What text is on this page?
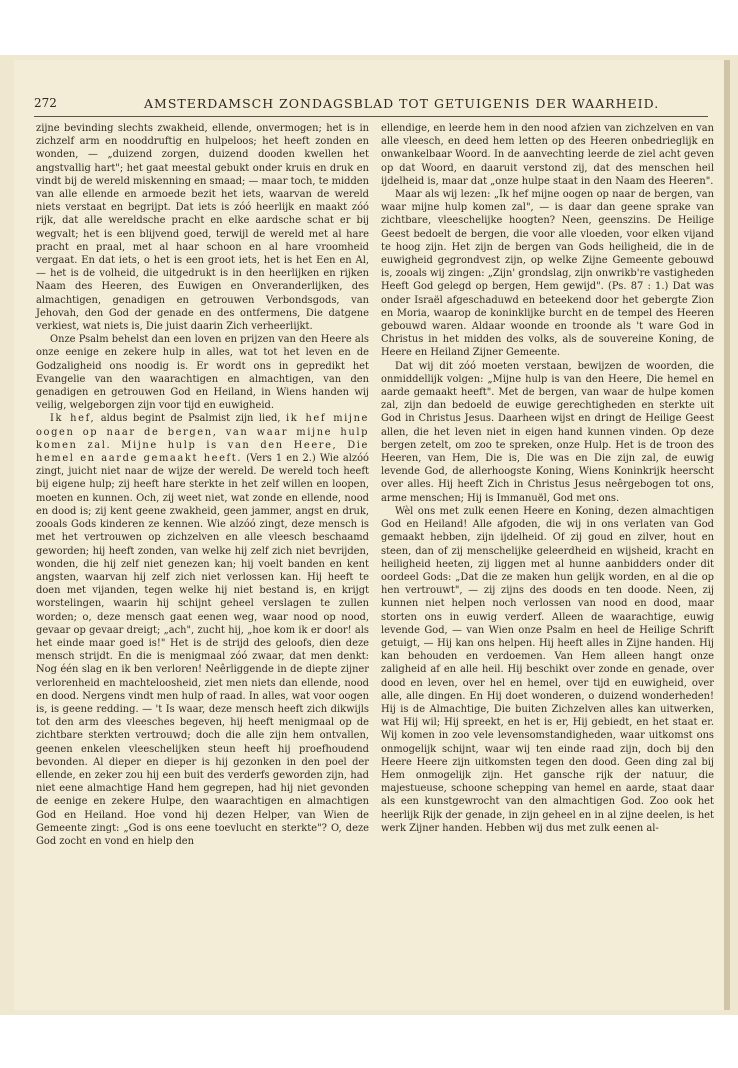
272	AMSTERDAMSCH ZONDAGSBLAD TOT GETUIGENIS DER WAARHEID.

zijne bevinding slechts zwakheid, ellende, onvermogen; het is in zichzelf arm en nooddruftig en hulpeloos; het heeft zonden en wonden, — „duizend zorgen, duizend dooden kwellen het angstvallig hart"; het gaat meestal gebukt onder kruis en druk en vindt bij de wereld miskenning en smaad; — maar toch, te midden van alle ellende en armoede bezit het iets, waarvan de wereld niets verstaat en begrijpt. Dat iets is zóó heerlijk en maakt zóó rijk, dat alle wereldsche pracht en elke aardsche schat er bij wegvalt; het is een blijvend goed, terwijl de wereld met al hare pracht en praal, met al haar schoon en al hare vroomheid vergaat. En dat iets, o het is een groot iets, het is het Een en Al, — het is de volheid, die uitgedrukt is in den heerlijken en rijken Naam des Heeren, des Euwigen en Onveranderlijken, des almachtigen, genadigen en getrouwen Verbondsgods, van Jehovah, den God der genade en des ontfermens, Die datgene verkiest, wat niets is, Die juist daarin Zich verheerlijkt.

Onze Psalm behelst dan een loven en prijzen van den Heere als onze eenige en zekere hulp in alles, wat tot het leven en de Godzaligheid ons noodig is. Er wordt ons in gepredikt het Evangelie van den waarachtigen en almachtigen, van den genadigen en getrouwen God en Heiland, in Wiens handen wij veilig, welgeborgen zijn voor tijd en euwigheid.

Ik hef, aldus begint de Psalmist zijn lied, ik hef mijne oogen op naar de bergen, van waar mijne hulp komen zal. Mijne hulp is van den Heere, Die hemel en aarde gemaakt heeft. (Vers 1 en 2.) Wie alzóó zingt, juicht niet naar de wijze der wereld. De wereld toch heeft bij eigene hulp; zij heeft hare sterkte in het zelf willen en loopen, moeten en kunnen. Och, zij weet niet, wat zonde en ellende, nood en dood is; zij kent geene zwakheid, geen jammer, angst en druk, zooals Gods kinderen ze kennen. Wie alzóó zingt, deze mensch is met het vertrouwen op zichzelven en alle vleesch beschaamd geworden; hij heeft zonden, van welke hij zelf zich niet bevrijden, wonden, die hij zelf niet genezen kan; hij voelt banden en kent angsten, waarvan hij zelf zich niet verlossen kan. Hij heeft te doen met vijanden, tegen welke hij niet bestand is, en krijgt worstelingen, waarin hij schijnt geheel verslagen te zullen worden; o, deze mensch gaat eenen weg, waar nood op nood, gevaar op gevaar dreigt; „ach", zucht hij, „hoe kom ik er door! als het einde maar goed is!" Het is de strijd des geloofs, dien deze mensch strijdt. En die is menigmaal zóó zwaar, dat men denkt: Nog één slag en ik ben verloren! Neêrliggende in de diepte zijner verlorenheid en machteloosheid, ziet men niets dan ellende, nood en dood. Nergens vindt men hulp of raad. In alles, wat voor oogen is, is geene redding. — 't Is waar, deze mensch heeft zich dikwijls tot den arm des vleesches begeven, hij heeft menigmaal op de zichtbare sterkten vertrouwd; doch die alle zijn hem ontvallen, geenen enkelen vleeschelijken steun heeft hij proefhoudend bevonden. Al dieper en dieper is hij gezonken in den poel der ellende, en zeker zou hij een buit des verderfs geworden zijn, had niet eene almachtige Hand hem gegrepen, had hij niet gevonden de eenige en zekere Hulpe, den waarachtigen en almachtigen God en Heiland. Hoe vond hij dezen Helper, van Wien de Gemeente zingt: „God is ons eene toevlucht en sterkte"? O, deze God zocht en vond en hielp den

ellendige, en leerde hem in den nood afzien van zichzelven en van alle vleesch, en deed hem letten op des Heeren onbedrieglijk en onwankelbaar Woord. In de aanvechting leerde de ziel acht geven op dat Woord, en daaruit verstond zij, dat des menschen heil ijdelheid is, maar dat „onze hulpe staat in den Naam des Heeren".

Maar als wij lezen: „Ik hef mijne oogen op naar de bergen, van waar mijne hulp komen zal", — is daar dan geene sprake van zichtbare, vleeschelijke hoogten? Neen, geenszins. De Heilige Geest bedoelt de bergen, die voor alle vloeden, voor elken vijand te hoog zijn. Het zijn de bergen van Gods heiligheid, die in de euwigheid gegrondvest zijn, op welke Zijne Gemeente gebouwd is, zooals wij zingen: „Zijn' grondslag, zijn onwrikb're vastigheden Heeft God gelegd op bergen, Hem gewijd". (Ps. 87 : 1.) Dat was onder Israël afgeschaduwd en beteekend door het gebergte Zion en Moria, waarop de koninklijke burcht en de tempel des Heeren gebouwd waren. Aldaar woonde en troonde als 't ware God in Christus in het midden des volks, als de souvereine Koning, de Heere en Heiland Zijner Gemeente.

Dat wij dit zóó moeten verstaan, bewijzen de woorden, die onmiddellijk volgen: „Mijne hulp is van den Heere, Die hemel en aarde gemaakt heeft". Met de bergen, van waar de hulpe komen zal, zijn dan bedoeld de euwige gerechtigheden en sterkte uit God in Christus Jesus. Daarheen wijst en dringt de Heilige Geest allen, die het leven niet in eigen hand kunnen vinden. Op deze bergen zetelt, om zoo te spreken, onze Hulp. Het is de troon des Heeren, van Hem, Die is, Die was en Die zijn zal, de euwig levende God, de allerhoogste Koning, Wiens Koninkrijk heerscht over alles. Hij heeft Zich in Christus Jesus neêrgebogen tot ons, arme menschen; Hij is Immanuël, God met ons.

Wèl ons met zulk eenen Heere en Koning, dezen almachtigen God en Heiland! Alle afgoden, die wij in ons verlaten van God gemaakt hebben, zijn ijdelheid. Of zij goud en zilver, hout en steen, dan of zij menschelijke geleerdheid en wijsheid, kracht en heiligheid heeten, zij liggen met al hunne aanbidders onder dit oordeel Gods: „Dat die ze maken hun gelijk worden, en al die op hen vertrouwt", — zij zijns des doods en ten doode. Neen, zij kunnen niet helpen noch verlossen van nood en dood, maar storten ons in euwig verderf. Alleen de waarachtige, euwig levende God, — van Wien onze Psalm en heel de Heilige Schrift getuigt, — Hij kan ons helpen. Hij heeft alles in Zijne handen. Hij kan behouden en verdoemen. Van Hem alleen hangt onze zaligheid af en alle heil. Hij beschikt over zonde en genade, over dood en leven, over hel en hemel, over tijd en euwigheid, over alle, alle dingen. En Hij doet wonderen, o duizend wonderheden! Hij is de Almachtige, Die buiten Zichzelven alles kan uitwerken, wat Hij wil; Hij spreekt, en het is er, Hij gebiedt, en het staat er. Wij komen in zoo vele levensomstandigheden, waar uitkomst ons onmogelijk schijnt, waar wij ten einde raad zijn, doch bij den Heere Heere zijn uitkomsten tegen den dood. Geen ding zal bij Hem onmogelijk zijn. Het gansche rijk der natuur, die majestueuse, schoone schepping van hemel en aarde, staat daar als een kunstgewrocht van den almachtigen God. Zoo ook het heerlijk Rijk der genade, in zijn geheel en in al zijne deelen, is het werk Zijner handen. Hebben wij dus met zulk eenen al-
